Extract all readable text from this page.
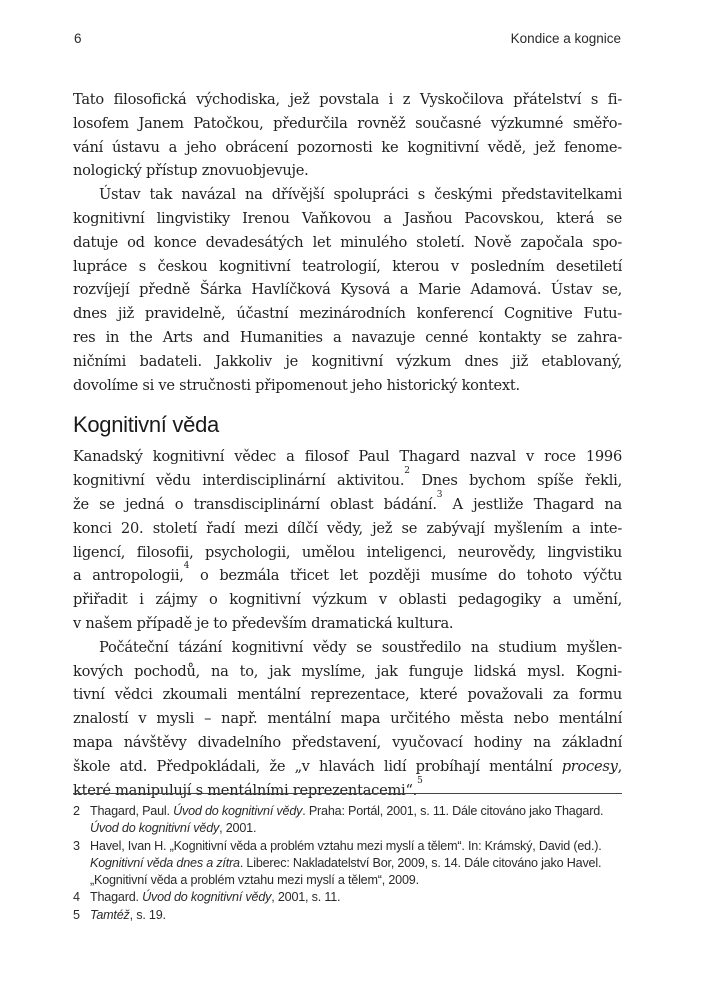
6	Kondice a kognice

Tato filosofická východiska, jež povstala i z Vyskočilova přátelství s fi-
losofem Janem Patočkou, předurčila rovněž současné výzkumné směřo-
vání ústavu a jeho obrácení pozornosti ke kognitivní vědě, jež fenome-
nologický přístup znovuobjevuje.

Ústav tak navázal na dřívější spolupráci s českými představitelkami
kognitivní lingvistiky Irenou Vaňkovou a Jasňou Pacovskou, která se
datuje od konce devadesátých let minulého století. Nově započala spo-
lupráce s českou kognitivní teatrologií, kterou v posledním desetiletí
rozvíjejí předně Šárka Havlíčková Kysová a Marie Adamová. Ústav se,
dnes již pravidelně, účastní mezinárodních konferencí Cognitive Futu-
res in the Arts and Humanities a navazuje cenné kontakty se zahra-
ničními badateli. Jakkoliv je kognitivní výzkum dnes již etablovaný,
dovolíme si ve stručnosti připomenout jeho historický kontext.

Kognitivní věda

Kanadský kognitivní vědec a filosof Paul Thagard nazval v roce 1996
kognitivní vědu interdisciplinární aktivitou.$^2$ Dnes bychom spíše řekli,
že se jedná o transdisciplinární oblast bádání.$^3$ A jestliže Thagard na
konci 20. století řadí mezi dílčí vědy, jež se zabývají myšlením a inte-
ligencí, filosofii, psychologii, umělou inteligenci, neurovědy, lingvistiku
a antropologii,$^4$ o bezmála třicet let později musíme do tohoto výčtu
přiřadit i zájmy o kognitivní výzkum v oblasti pedagogiky a umění,
v našem případě je to především dramatická kultura.

Počáteční tázání kognitivní vědy se soustředilo na studium myšlen-
kových pochodů, na to, jak myslíme, jak funguje lidská mysl. Kogni-
tivní vědci zkoumali mentální reprezentace, které považovali za formu
znalostí v mysli – např. mentální mapa určitého města nebo mentální
mapa návštěvy divadelního představení, vyučovací hodiny na základní
škole atd. Předpokládali, že „v hlavách lidí probíhají mentální procesy,
které manipulují s mentálními reprezentacemi“.$^5$

2 Thagard, Paul. Úvod do kognitivní vědy. Praha: Portál, 2001, s. 11. Dále citováno jako Thagard. Úvod do kognitivní vědy, 2001.
3 Havel, Ivan H. „Kognitivní věda a problém vztahu mezi myslí a tělem“. In: Krámský, David (ed.). Kognitivní věda dnes a zítra. Liberec: Nakladatelství Bor, 2009, s. 14. Dále citováno jako Havel. „Kognitivní věda a problém vztahu mezi myslí a tělem“, 2009.
4 Thagard. Úvod do kognitivní vědy, 2001, s. 11.
5 Tamtéž, s. 19.
